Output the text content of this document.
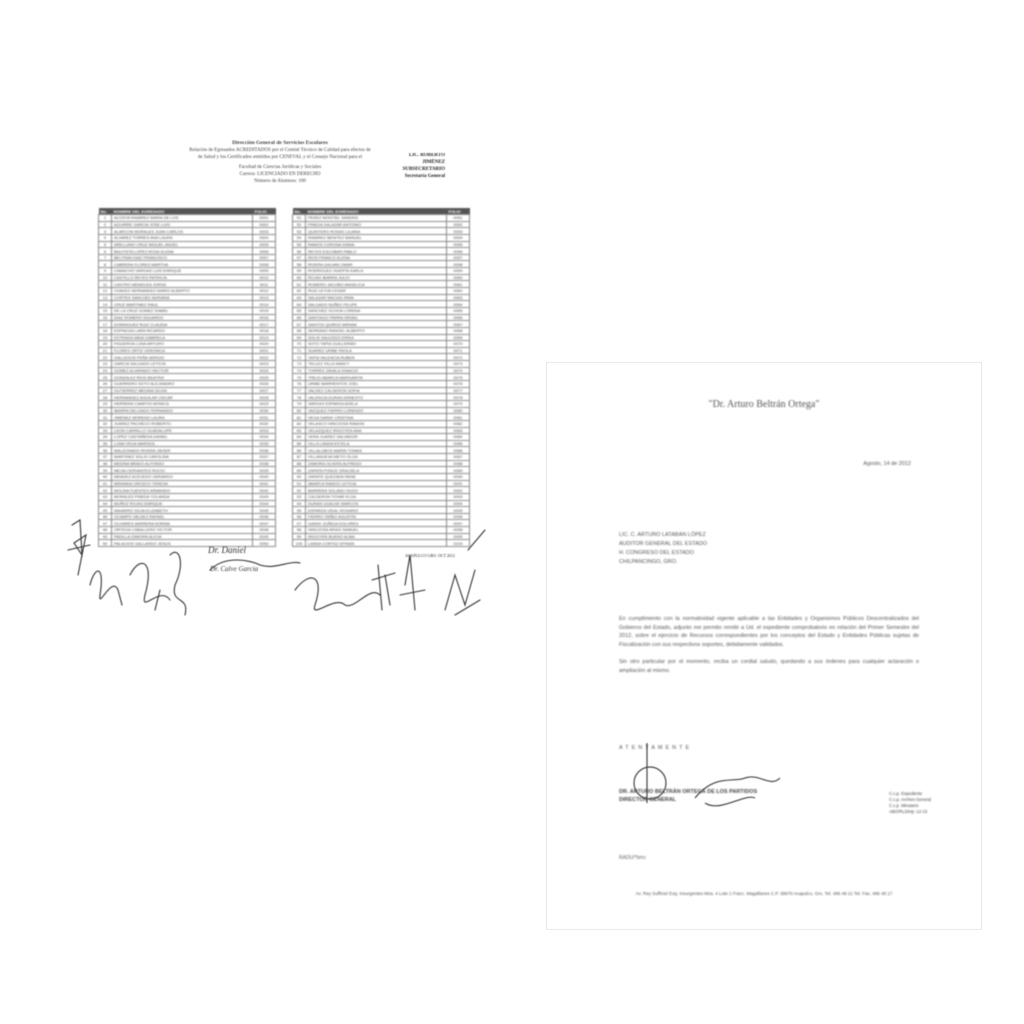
Dirección General de Servicios Escolares
Relación de Egresados ACREDITADOS por el Comité Técnico de Calidad para efectos de
de Salud y los Certificados emitidos por CENEVAL y el Consejo Nacional para el
Facultad de Ciencias Jurídicas y Sociales
Carrera: LICENCIADO EN DERECHO
Número de Alumnos: 100
LIC. ROBERTO JIMÉNEZ
SUBSECRETARIO
Secretaría General
No.	NOMBRE DEL EGRESADO	FOLIO
1	ACOSTA RAMIREZ MARIA DE LOS	0001
2	AGUIRRE GARCIA JOSE LUIS	0002
3	ALARCON MORALES JUAN CARLOS	0003
4	ALVAREZ TORRES ANA LAURA	0004
5	ARELLANO CRUZ MIGUEL ANGEL	0005
6	BAUTISTA LOPEZ ROSA ELENA	0006
7	BELTRAN DIAZ FRANCISCO	0007
8	CABRERA FLORES MARTHA	0008
9	CAMACHO VARGAS LUIS ENRIQUE	0009
10	CASTILLO REYES PATRICIA	0010
11	CASTRO MENDOZA JORGE	0011
12	CHAVEZ HERNANDEZ MARIO ALBERTO	0012
13	CORTES SANCHEZ ADRIANA	0013
14	CRUZ MARTINEZ RAUL	0014
15	DE LA CRUZ GOMEZ ISABEL	0015
16	DIAZ ROMERO EDUARDO	0016
17	DOMINGUEZ RUIZ CLAUDIA	0017
18	ESPINOZA LARA RICARDO	0018
19	ESTRADA NAVA GABRIELA	0019
20	FIGUEROA LUNA ARTURO	0020
21	FLORES ORTIZ VERONICA	0021
22	GALLEGOS PEÑA SERGIO	0022
23	GARCIA SALGADO LETICIA	0023
24	GOMEZ ALVARADO HECTOR	0024
25	GONZALEZ RIOS BEATRIZ	0025
26	GUERRERO SOTO ALEJANDRO	0026
27	GUTIERREZ MEDINA SILVIA	0027
28	HERNANDEZ AGUILAR OSCAR	0028
29	HERRERA CAMPOS MONICA	0029
30	IBARRA DELGADO FERNANDO	0030
31	JIMENEZ MORENO LAURA	0031
32	JUAREZ PACHECO ROBERTO	0032
33	LEON CARRILLO GUADALUPE	0033
34	LOPEZ CASTAÑEDA DANIEL	0034
35	LUNA VEGA MARISOL	0035
36	MALDONADO RIVERA JAVIER	0036
37	MARTINEZ SOLIS CAROLINA	0037
38	MEDINA BRAVO ALFONSO	0038
39	MEJIA CERVANTES ROCIO	0039
40	MENDEZ ACEVEDO GERARDO	0040
41	MIRANDA OROZCO TERESA	0041
42	MOLINA FUENTES ARMANDO	0042
43	MORALES PINEDA YOLANDA	0043
44	MUÑOZ ROJAS ENRIQUE	0044
45	NAVARRO SILVA ELIZABETH	0045
46	OCAMPO VALDEZ RAFAEL	0046
47	OLIVARES BARRERA NORMA	0047
48	ORTEGA CABALLERO VICTOR	0048
49	PADILLA ZAMORA ALICIA	0049
50	PALACIOS GALLARDO JESUS	0050
No.	NOMBRE DEL EGRESADO	FOLIO
51	PEREZ MONTIEL SANDRA	0051
52	PINEDA SALAZAR ANTONIO	0052
53	QUINTERO ROSAS LILIANA	0053
54	RAMIREZ BENITEZ MANUEL	0054
55	RAMOS CORONA DIANA	0055
56	REYES ESCOBAR PABLO	0056
57	RIOS FRANCO ELENA	0057
58	RIVERA GALVAN OMAR	0058
59	RODRIGUEZ HUERTA KARLA	0059
60	ROJAS IBARRA JULIO	0060
61	ROMERO JACOBO ANGELICA	0061
62	RUIZ LEYVA CESAR	0062
63	SALAZAR MACIAS IRMA	0063
64	SALGADO NUÑEZ FELIPE	0064
65	SANCHEZ OCHOA LORENA	0065
66	SANTIAGO PARRA ISRAEL	0066
67	SANTOS QUIROZ MIRIAM	0067
68	SERRANO RANGEL ALBERTO	0068
69	SOLIS SAUCEDO ERIKA	0069
70	SOTO TAPIA GUILLERMO	0070
71	SUAREZ URIBE PAOLA	0071
72	TAPIA VALENCIA RUBEN	0072
73	TELLEZ VILLA NANCY	0073
74	TORRES ZAVALA IGNACIO	0074
75	TREJO ABARCA MARGARITA	0075
76	URIBE BARRIENTOS JOEL	0076
77	VALDEZ CALDERON SOFIA	0077
78	VALENCIA DURAN ERNESTO	0078
79	VARGAS ESPARZA ADELA	0079
80	VAZQUEZ FIERRO LORENZO	0080
81	VEGA GARAY CRISTINA	0081
82	VELASCO HINOJOSA RAMON	0082
83	VELAZQUEZ IRIGOYEN ANA	0083
84	VERA JUAREZ SALVADOR	0084
85	VILLA LANDA ESTELA	0085
86	VILLALOBOS MARIN TOMAS	0086
87	VILLANUEVA NIETO OLGA	0087
88	ZAMORA OLVERA ALFREDO	0088
89	ZAPATA PONCE GRACIELA	0089
90	ZARATE QUEZADA RENE	0090
91	ABARCA RAMOS LETICIA	0091
92	BARRERA SOLANO HUGO	0092
93	CALDERON TOVAR ELSA	0093
94	DURAN UGALDE MARCOS	0094
95	ESPARZA VIDAL ROSARIO	0095
96	FIERRO YAÑEZ AGUSTIN	0096
97	GARAY ZUÑIGA DOLORES	0097
98	HINOJOSA ARIAS SAMUEL	0098
99	IRIGOYEN BUENO ALMA	0099
100	LANDA CORTEZ EFRAIN	0100
Dr. Daniel
Dr. Calve Garcia
ACAPULCO GRO. OCT 2012
"Dr. Arturo Beltrán Ortega"
Agosto, 14 de 2012
LIC. C. ARTURO LATABAN LÓPEZ
AUDITOR GENERAL DEL ESTADO
H. CONGRESO DEL ESTADO
CHILPANCINGO, GRO.

En cumplimiento con la normatividad vigente aplicable a las Entidades y Organismos Públicos Descentralizados del Gobierno del Estado, adjunto me permito remitir a Ud. el expediente comprobatorio en relación del Primer Semestre del 2012, sobre el ejercicio de Recursos correspondientes por los conceptos del Estado y Entidades Públicas sujetas de Fiscalización con sus respectivos soportes, debidamente validados.

Sin otro particular por el momento, reciba un cordial saludo, quedando a sus órdenes para cualquier aclaración o ampliación al mismo.

ATENTAMENTE
DR. ARTURO BELTRÁN ORTEGA DE LOS PARTIDOS
DIRECTOR GENERAL
C.c.p. Expediente
C.c.p. Archivo General
C.c.p. Minutario
ABO/RLS/mjr.-12-13
RADU/*bmc
Av. Rey Sufficiel Esq. Insurgentes Mza. 4 Lote 1 Fracc. Magallanes C.P. 39670 Acapulco, Gro. Tel. 486 48 21 Tel. Fax. 486 48 17
